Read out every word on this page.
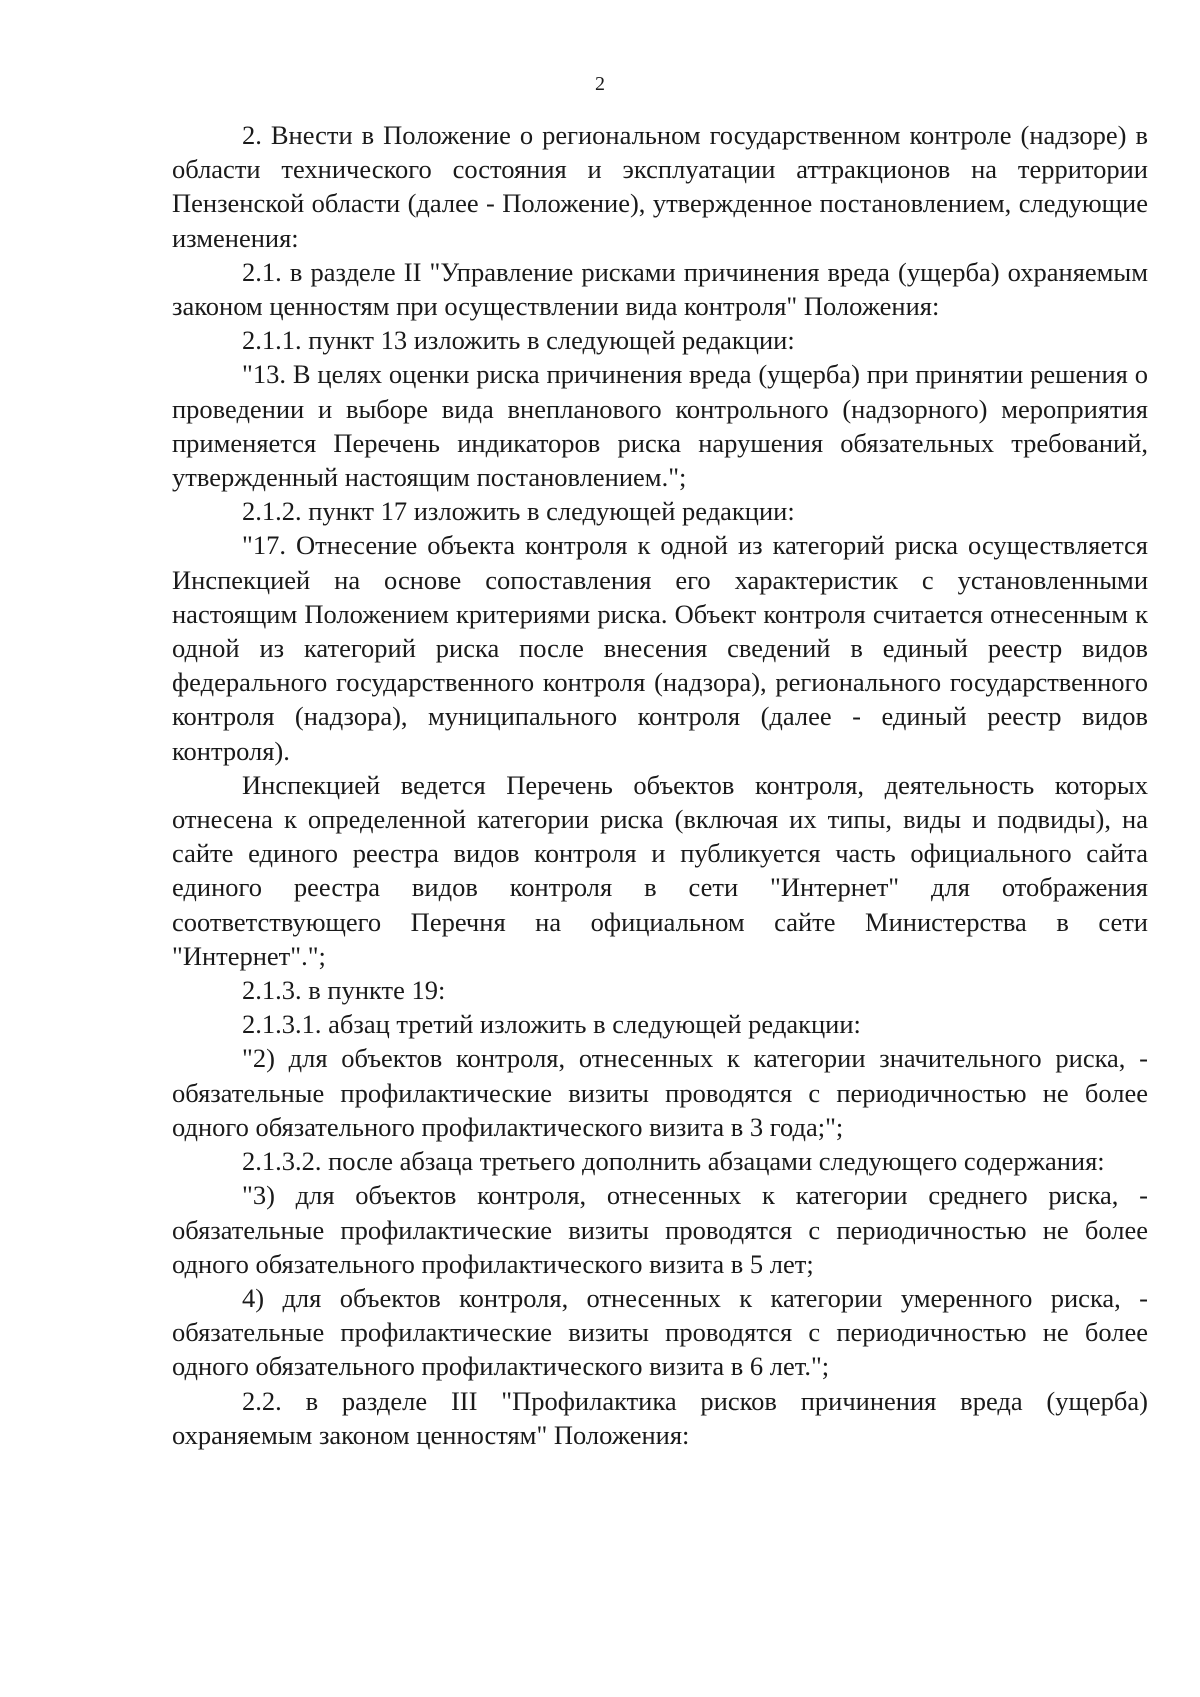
2

2. Внести в Положение о региональном государственном контроле (надзоре) в области технического состояния и эксплуатации аттракционов на территории Пензенской области (далее - Положение), утвержденное постановлением, следующие изменения:

2.1. в разделе II "Управление рисками причинения вреда (ущерба) охраняемым законом ценностям при осуществлении вида контроля" Положения:

2.1.1. пункт 13 изложить в следующей редакции:

"13. В целях оценки риска причинения вреда (ущерба) при принятии решения о проведении и выборе вида внепланового контрольного (надзорного) мероприятия применяется Перечень индикаторов риска нарушения обязательных требований, утвержденный настоящим постановлением.";

2.1.2. пункт 17 изложить в следующей редакции:

"17. Отнесение объекта контроля к одной из категорий риска осуществляется Инспекцией на основе сопоставления его характеристик с установленными настоящим Положением критериями риска. Объект контроля считается отнесенным к одной из категорий риска после внесения сведений в единый реестр видов федерального государственного контроля (надзора), регионального государственного контроля (надзора), муниципального контроля (далее - единый реестр видов контроля).

Инспекцией ведется Перечень объектов контроля, деятельность которых отнесена к определенной категории риска (включая их типы, виды и подвиды), на сайте единого реестра видов контроля и публикуется часть официального сайта единого реестра видов контроля в сети "Интернет" для отображения соответствующего Перечня на официальном сайте Министерства в сети "Интернет".";

2.1.3. в пункте 19:

2.1.3.1. абзац третий изложить в следующей редакции:

"2) для объектов контроля, отнесенных к категории значительного риска, - обязательные профилактические визиты проводятся с периодичностью не более одного обязательного профилактического визита в 3 года;";

2.1.3.2. после абзаца третьего дополнить абзацами следующего содержания:

"3) для объектов контроля, отнесенных к категории среднего риска, - обязательные профилактические визиты проводятся с периодичностью не более одного обязательного профилактического визита в 5 лет;

4) для объектов контроля, отнесенных к категории умеренного риска, - обязательные профилактические визиты проводятся с периодичностью не более одного обязательного профилактического визита в 6 лет.";

2.2. в разделе III "Профилактика рисков причинения вреда (ущерба) охраняемым законом ценностям" Положения:
